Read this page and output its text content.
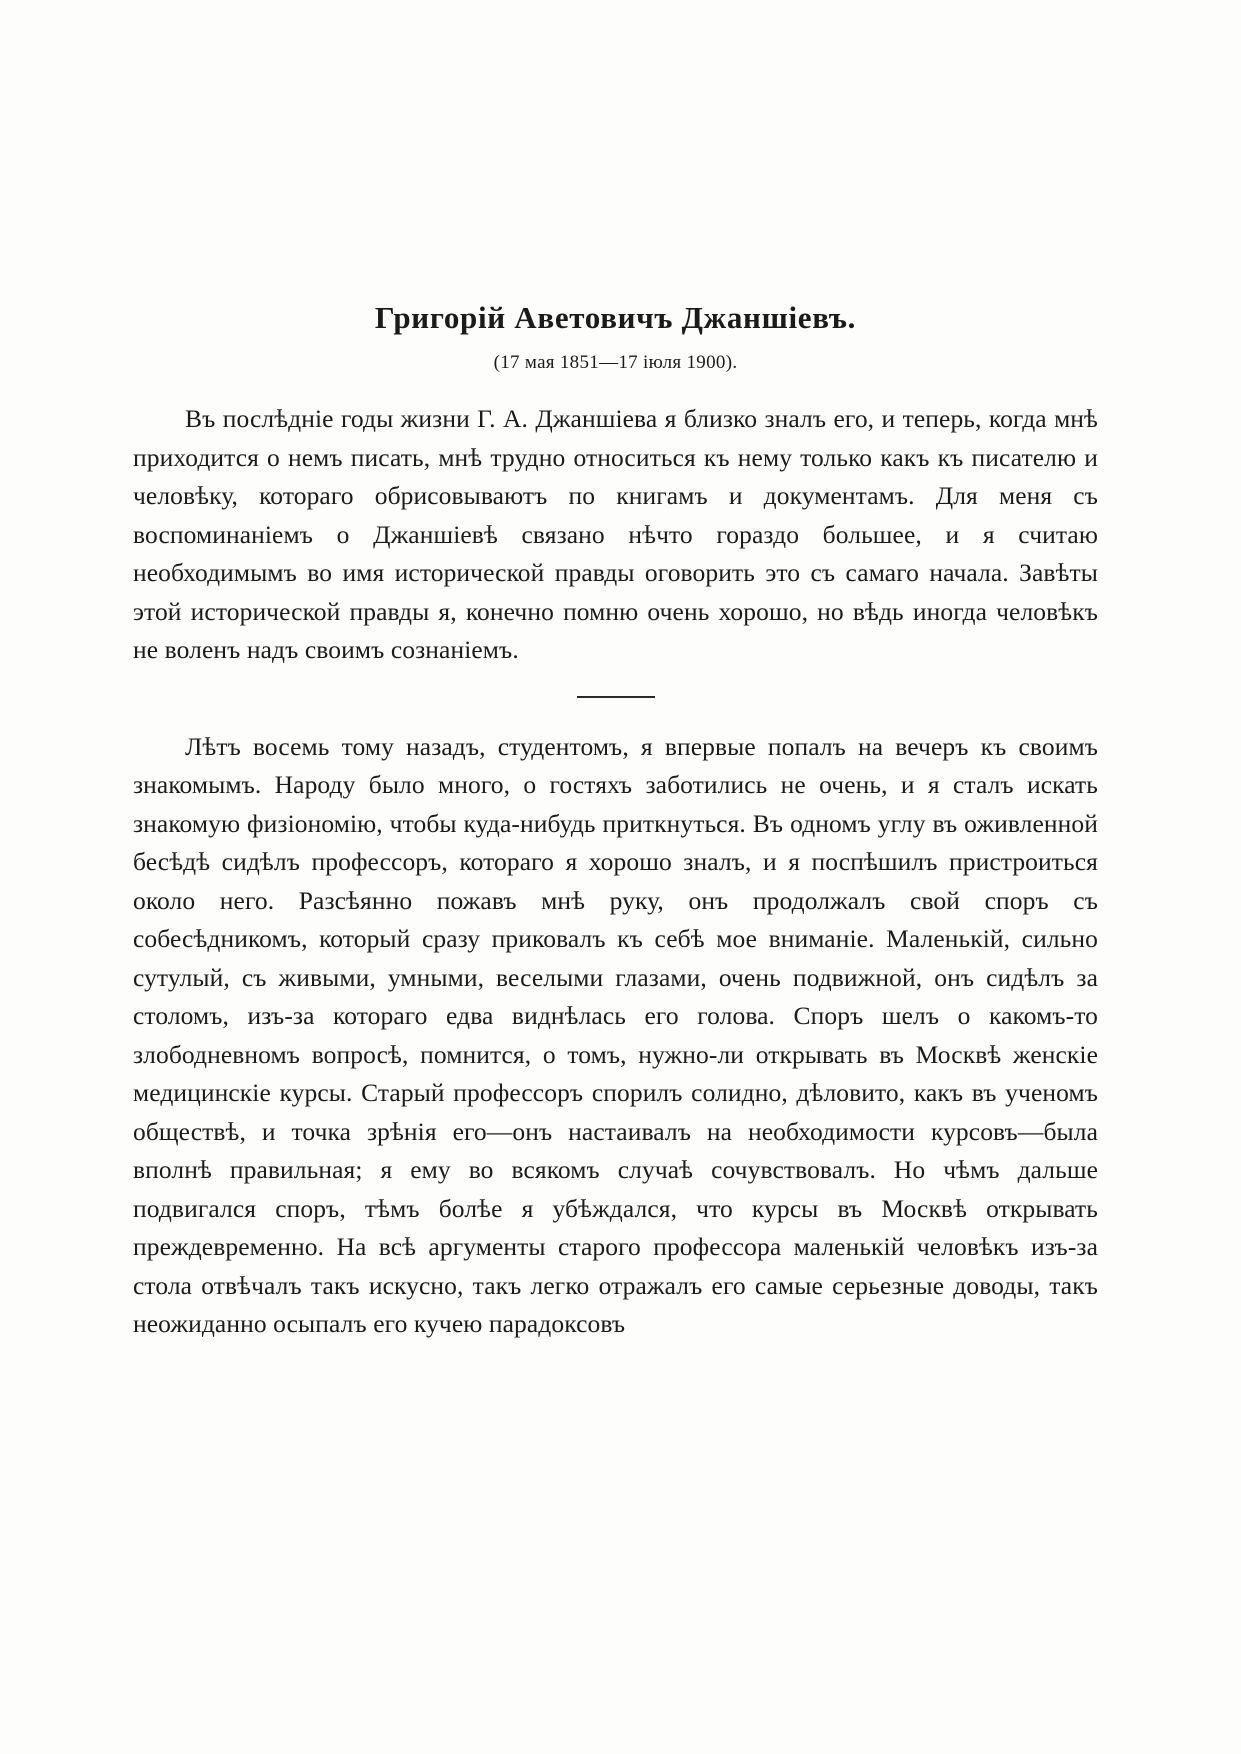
Григорій Аветовичъ Джаншіевъ.
(17 мая 1851—17 іюля 1900).

Въ послѣдніе годы жизни Г. А. Джаншіева я близко зналъ его, и теперь, когда мнѣ приходится о немъ писать, мнѣ трудно относиться къ нему только какъ къ писателю и человѣку, котораго обрисовываютъ по книгамъ и документамъ. Для меня съ воспоминаніемъ о Джаншіевѣ связано нѣчто гораздо большее, и я считаю необходимымъ во имя исторической правды оговорить это съ самаго начала. Завѣты этой исторической правды я, конечно помню очень хорошо, но вѣдь иногда человѣкъ не воленъ надъ своимъ сознаніемъ.

Лѣтъ восемь тому назадъ, студентомъ, я впервые попалъ на вечеръ къ своимъ знакомымъ. Народу было много, о гостяхъ заботились не очень, и я сталъ искать знакомую физіономію, чтобы куда-нибудь приткнуться. Въ одномъ углу въ оживленной бесѣдѣ сидѣлъ профессоръ, котораго я хорошо зналъ, и я поспѣшилъ пристроиться около него. Разсѣянно пожавъ мнѣ руку, онъ продолжалъ свой споръ съ собесѣдникомъ, который сразу приковалъ къ себѣ мое вниманіе. Маленькій, сильно сутулый, съ живыми, умными, веселыми глазами, очень подвижной, онъ сидѣлъ за столомъ, изъ-за котораго едва виднѣлась его голова. Споръ шелъ о какомъ-то злободневномъ вопросѣ, помнится, о томъ, нужно-ли открывать въ Москвѣ женскіе медицинскіе курсы. Старый профессоръ спорилъ солидно, дѣловито, какъ въ ученомъ обществѣ, и точка зрѣнія его—онъ настаивалъ на необходимости курсовъ—была вполнѣ правильная; я ему во всякомъ случаѣ сочувствовалъ. Но чѣмъ дальше подвигался споръ, тѣмъ болѣе я убѣждался, что курсы въ Москвѣ открывать преждевременно. На всѣ аргументы старого профессора маленькій человѣкъ изъ-за стола отвѣчалъ такъ искусно, такъ легко отражалъ его самые серьезные доводы, такъ неожиданно осыпалъ его кучею парадоксовъ
